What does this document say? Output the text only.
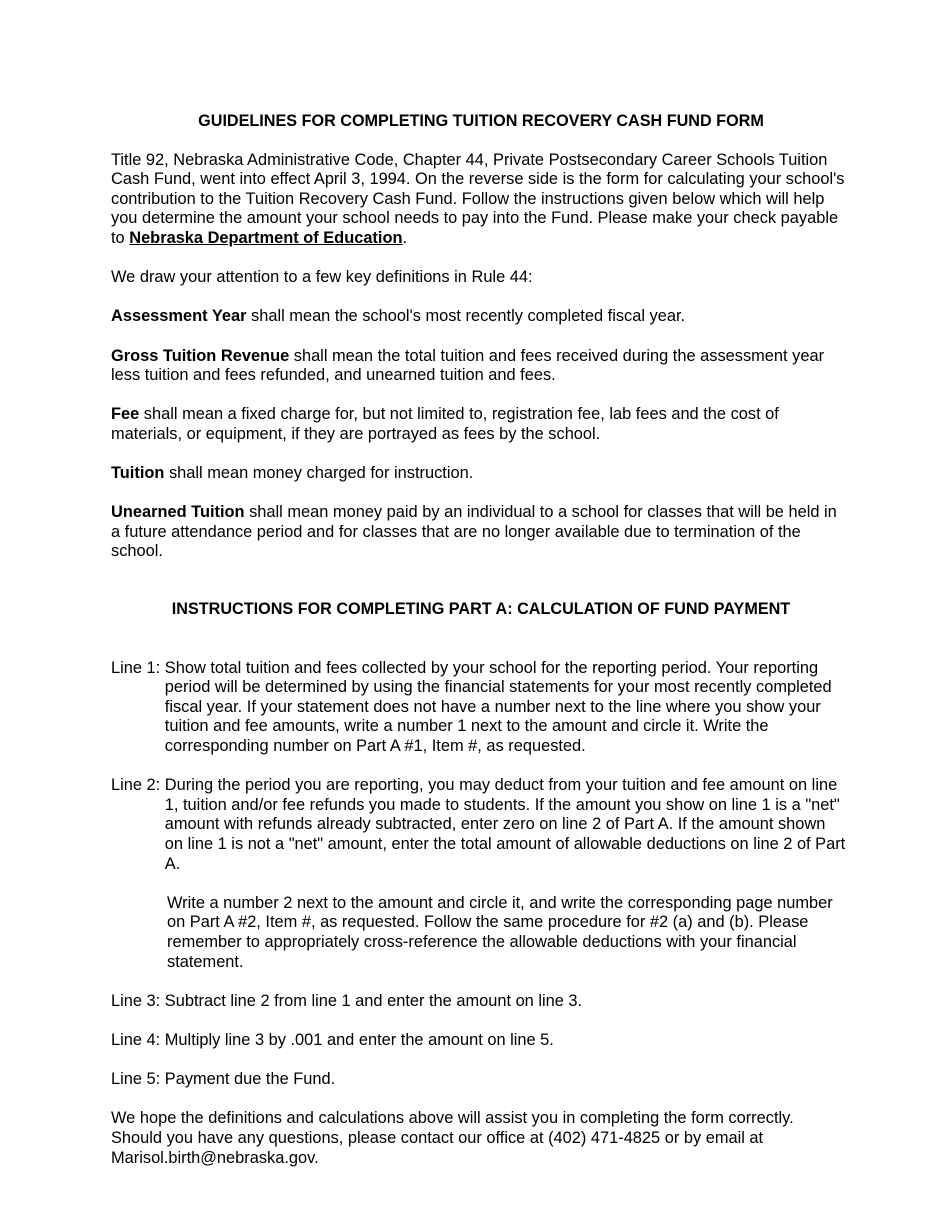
GUIDELINES FOR COMPLETING TUITION RECOVERY CASH FUND FORM

Title 92, Nebraska Administrative Code, Chapter 44, Private Postsecondary Career Schools Tuition Cash Fund, went into effect April 3, 1994. On the reverse side is the form for calculating your school's contribution to the Tuition Recovery Cash Fund. Follow the instructions given below which will help you determine the amount your school needs to pay into the Fund. Please make your check payable to Nebraska Department of Education.

We draw your attention to a few key definitions in Rule 44:

Assessment Year shall mean the school's most recently completed fiscal year.

Gross Tuition Revenue shall mean the total tuition and fees received during the assessment year less tuition and fees refunded, and unearned tuition and fees.

Fee shall mean a fixed charge for, but not limited to, registration fee, lab fees and the cost of materials, or equipment, if they are portrayed as fees by the school.

Tuition shall mean money charged for instruction.

Unearned Tuition shall mean money paid by an individual to a school for classes that will be held in a future attendance period and for classes that are no longer available due to termination of the school.

INSTRUCTIONS FOR COMPLETING PART A: CALCULATION OF FUND PAYMENT
Line 1: Show total tuition and fees collected by your school for the reporting period. Your reporting period will be determined by using the financial statements for your most recently completed fiscal year. If your statement does not have a number next to the line where you show your tuition and fee amounts, write a number 1 next to the amount and circle it. Write the corresponding number on Part A #1, Item #, as requested.
Line 2: During the period you are reporting, you may deduct from your tuition and fee amount on line 1, tuition and/or fee refunds you made to students. If the amount you show on line 1 is a "net" amount with refunds already subtracted, enter zero on line 2 of Part A. If the amount shown on line 1 is not a "net" amount, enter the total amount of allowable deductions on line 2 of Part A.
Write a number 2 next to the amount and circle it, and write the corresponding page number on Part A #2, Item #, as requested. Follow the same procedure for #2 (a) and (b). Please remember to appropriately cross-reference the allowable deductions with your financial statement.
Line 3: Subtract line 2 from line 1 and enter the amount on line 3.
Line 4: Multiply line 3 by .001 and enter the amount on line 5.
Line 5: Payment due the Fund.

We hope the definitions and calculations above will assist you in completing the form correctly. Should you have any questions, please contact our office at (402) 471-4825 or by email at Marisol.birth@nebraska.gov.
